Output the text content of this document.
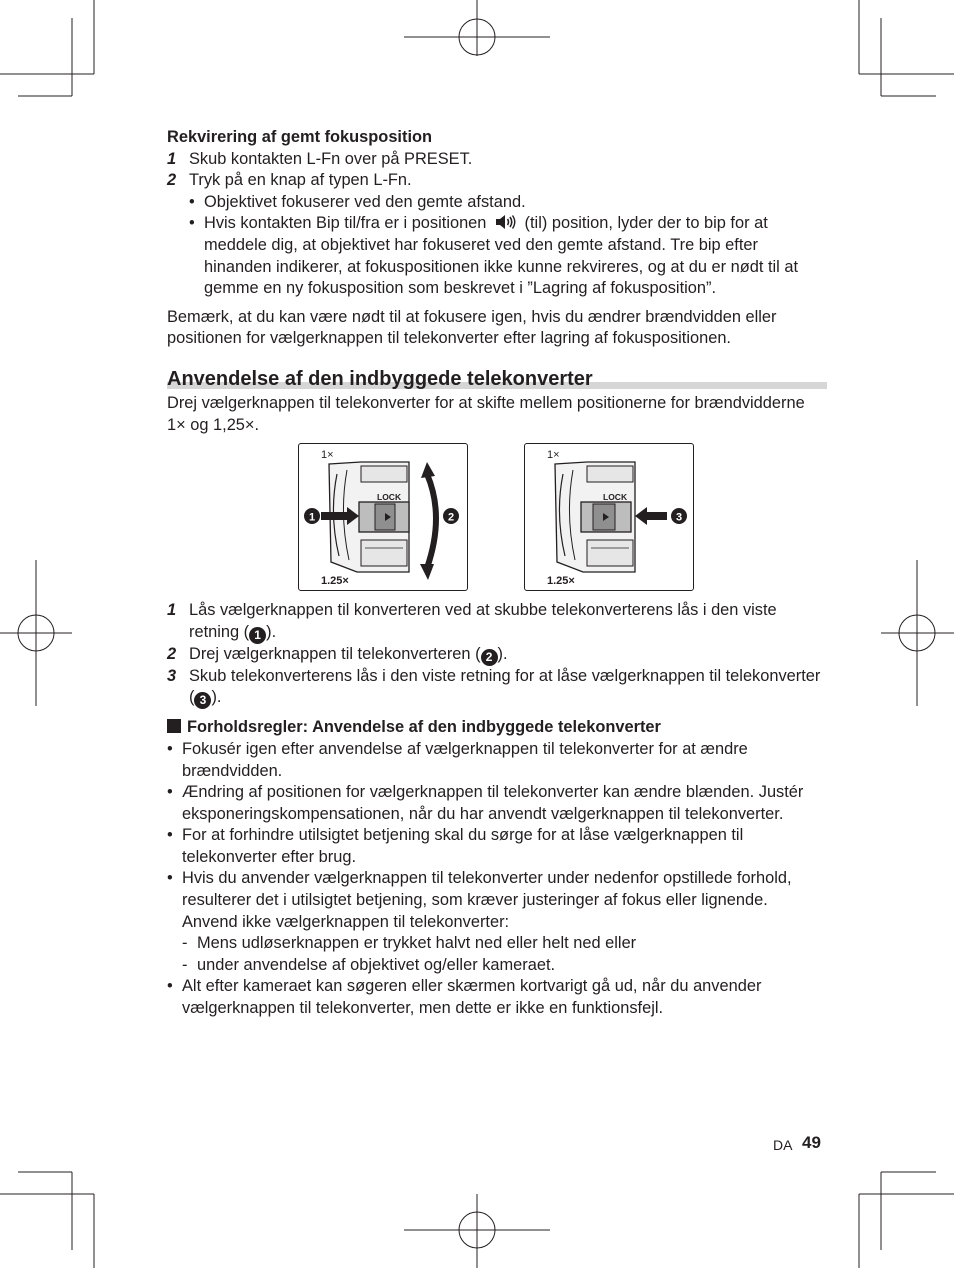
Rekvirering af gemt fokusposition
1 Skub kontakten L-Fn over på PRESET.
2 Tryk på en knap af typen L-Fn.
• Objektivet fokuserer ved den gemte afstand.
• Hvis kontakten Bip til/fra er i positionen (til) position, lyder der to bip for at meddele dig, at objektivet har fokuseret ved den gemte afstand. Tre bip efter hinanden indikerer, at fokuspositionen ikke kunne rekvireres, og at du er nødt til at gemme en ny fokusposition som beskrevet i ”Lagring af fokusposition”.
Bemærk, at du kan være nødt til at fokusere igen, hvis du ændrer brændvidden eller positionen for vælgerknappen til telekonverter efter lagring af fokuspositionen.
Anvendelse af den indbyggede telekonverter
Drej vælgerknappen til telekonverter for at skifte mellem positionerne for brændvidderne 1× og 1,25×.
1×
1.25×
LOCK
1	2
1×
1.25×
LOCK
3
1 Lås vælgerknappen til konverteren ved at skubbe telekonverterens lås i den viste retning ( 1 ).
2 Drej vælgerknappen til telekonverteren ( 2 ).
3 Skub telekonverterens lås i den viste retning for at låse vælgerknappen til telekonverter ( 3 ).
Forholdsregler: Anvendelse af den indbyggede telekonverter
• Fokusér igen efter anvendelse af vælgerknappen til telekonverter for at ændre brændvidden.
• Ændring af positionen for vælgerknappen til telekonverter kan ændre blænden. Justér eksponeringskompensationen, når du har anvendt vælgerknappen til telekonverter.
• For at forhindre utilsigtet betjening skal du sørge for at låse vælgerknappen til telekonverter efter brug.
• Hvis du anvender vælgerknappen til telekonverter under nedenfor opstillede forhold, resulterer det i utilsigtet betjening, som kræver justeringer af fokus eller lignende. Anvend ikke vælgerknappen til telekonverter:
- Mens udløserknappen er trykket halvt ned eller helt ned eller
- under anvendelse af objektivet og/eller kameraet.
• Alt efter kameraet kan søgeren eller skærmen kortvarigt gå ud, når du anvender vælgerknappen til telekonverter, men dette er ikke en funktionsfejl.
DA 49
